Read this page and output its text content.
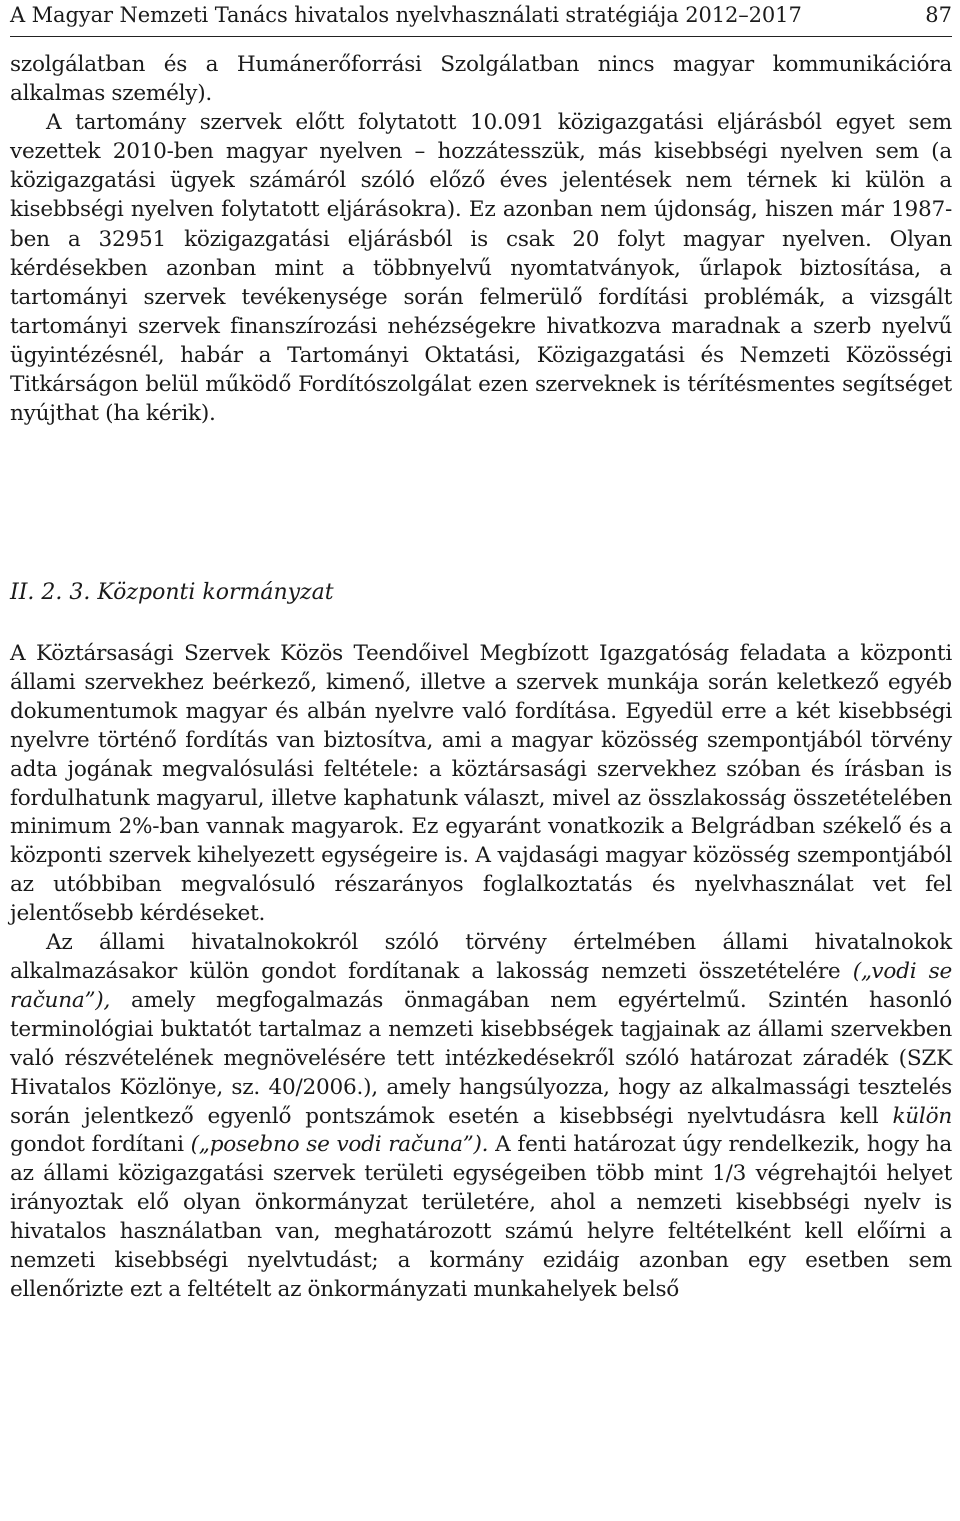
A Magyar Nemzeti Tanács hivatalos nyelvhasználati stratégiája 2012–2017	87

szolgálatban és a Humánerőforrási Szolgálatban nincs magyar kommunikációra alkalmas személy).

A tartomány szervek előtt folytatott 10.091 közigazgatási eljárásból egyet sem vezettek 2010-ben magyar nyelven – hozzátesszük, más kisebbségi nyelven sem (a közigazgatási ügyek számáról szóló előző éves jelentések nem térnek ki külön a kisebbségi nyelven folytatott eljárásokra). Ez azonban nem újdonság, hiszen már 1987-ben a 32951 közigazgatási eljárásból is csak 20 folyt magyar nyelven. Olyan kérdésekben azonban mint a többnyelvű nyomtatványok, űrlapok biztosítása, a tartományi szervek tevékenysége során felmerülő fordítási problémák, a vizsgált tartományi szervek finanszírozási nehézségekre hivatkozva maradnak a szerb nyelvű ügyintézésnél, habár a Tartományi Oktatási, Közigazgatási és Nemzeti Közösségi Titkárságon belül működő Fordítószolgálat ezen szerveknek is térítésmentes segítséget nyújthat (ha kérik).

II. 2. 3. Központi kormányzat

A Köztársasági Szervek Közös Teendőivel Megbízott Igazgatóság feladata a központi állami szervekhez beérkező, kimenő, illetve a szervek munkája során keletkező egyéb dokumentumok magyar és albán nyelvre való fordítása. Egyedül erre a két kisebbségi nyelvre történő fordítás van biztosítva, ami a magyar közösség szempontjából törvény adta jogának megvalósulási feltétele: a köztársasági szervekhez szóban és írásban is fordulhatunk magyarul, illetve kaphatunk választ, mivel az összlakosság összetételében minimum 2%-ban vannak magyarok. Ez egyaránt vonatkozik a Belgrádban székelő és a központi szervek kihelyezett egységeire is. A vajdasági magyar közösség szempontjából az utóbbiban megvalósuló részarányos foglalkoztatás és nyelvhasználat vet fel jelentősebb kérdéseket.

Az állami hivatalnokokról szóló törvény értelmében állami hivatalnokok alkalmazásakor külön gondot fordítanak a lakosság nemzeti összetételére („vodi se računa”), amely megfogalmazás önmagában nem egyértelmű. Szintén hasonló terminológiai buktatót tartalmaz a nemzeti kisebbségek tagjainak az állami szervekben való részvételének megnövelésére tett intézkedésekről szóló határozat záradék (SZK Hivatalos Közlönye, sz. 40/2006.), amely hangsúlyozza, hogy az alkalmassági tesztelés során jelentkező egyenlő pontszámok esetén a kisebbségi nyelvtudásra kell külön gondot fordítani („posebno se vodi računa”). A fenti határozat úgy rendelkezik, hogy ha az állami közigazgatási szervek területi egységeiben több mint 1/3 végrehajtói helyet irányoztak elő olyan önkormányzat területére, ahol a nemzeti kisebbségi nyelv is hivatalos használatban van, meghatározott számú helyre feltételként kell előírni a nemzeti kisebbségi nyelvtudást; a kormány ezidáig azonban egy esetben sem ellenőrizte ezt a feltételt az önkormányzati munkahelyek belső
